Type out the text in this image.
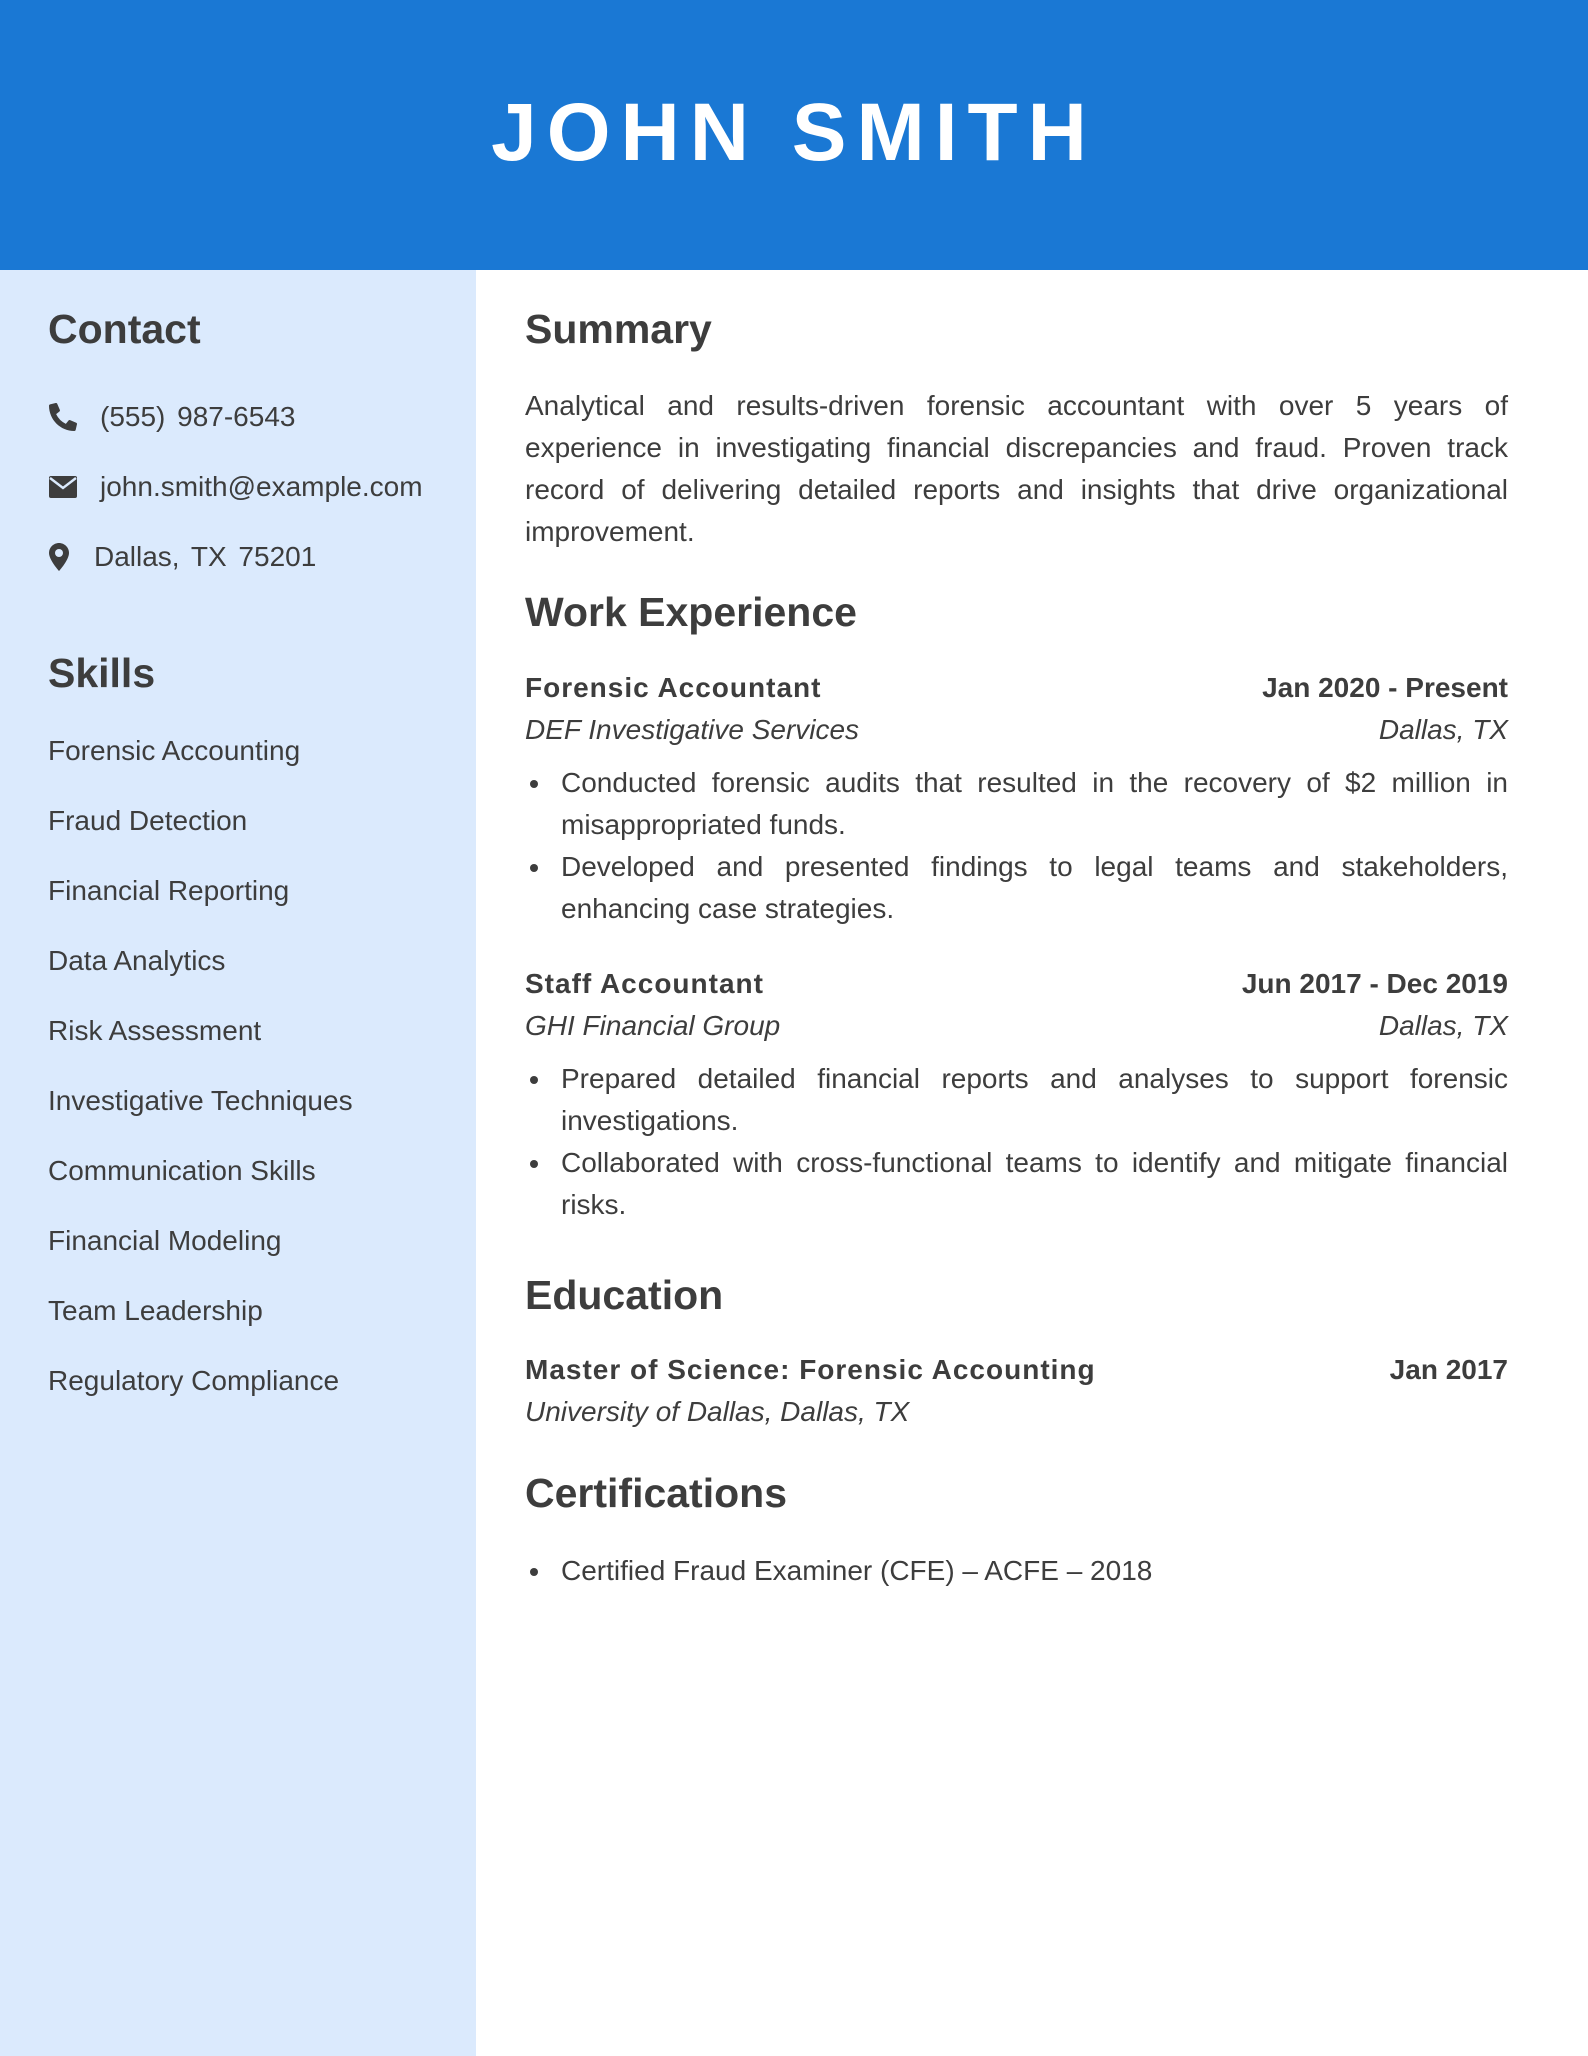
JOHN SMITH
Contact
(555) 987-6543
john.smith@example.com
Dallas, TX 75201
Skills
Forensic Accounting
Fraud Detection
Financial Reporting
Data Analytics
Risk Assessment
Investigative Techniques
Communication Skills
Financial Modeling
Team Leadership
Regulatory Compliance
Summary

Analytical and results-driven forensic accountant with over 5 years of experience in investigating financial discrepancies and fraud. Proven track record of delivering detailed reports and insights that drive organizational improvement.

Work Experience
Forensic Accountant	Jan 2020 - Present
DEF Investigative Services	Dallas, TX
Conducted forensic audits that resulted in the recovery of $2 million in misappropriated funds.
Developed and presented findings to legal teams and stakeholders, enhancing case strategies.
Staff Accountant	Jun 2017 - Dec 2019
GHI Financial Group	Dallas, TX
Prepared detailed financial reports and analyses to support forensic investigations.
Collaborated with cross-functional teams to identify and mitigate financial risks.
Education
Master of Science: Forensic Accounting	Jan 2017
University of Dallas, Dallas, TX
Certifications
Certified Fraud Examiner (CFE) – ACFE – 2018
